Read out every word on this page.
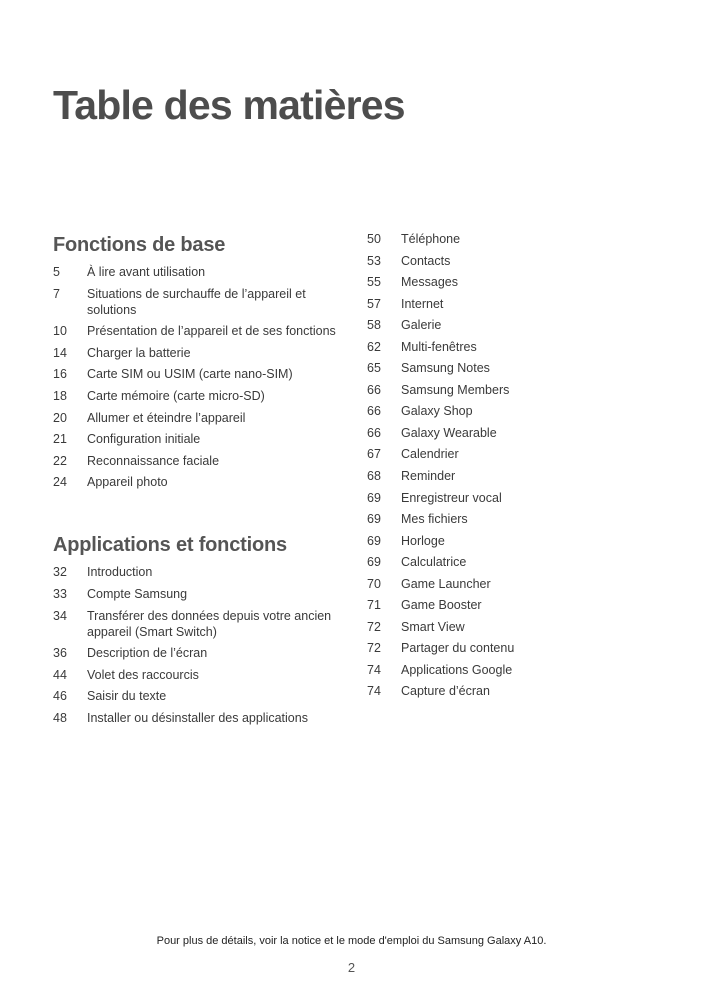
Table des matières
Fonctions de base
5	À lire avant utilisation
7	Situations de surchauffe de l’appareil et solutions
10	Présentation de l’appareil et de ses fonctions
14	Charger la batterie
16	Carte SIM ou USIM (carte nano-SIM)
18	Carte mémoire (carte micro-SD)
20	Allumer et éteindre l’appareil
21	Configuration initiale
22	Reconnaissance faciale
24	Appareil photo
Applications et fonctions
32	Introduction
33	Compte Samsung
34	Transférer des données depuis votre ancien appareil (Smart Switch)
36	Description de l’écran
44	Volet des raccourcis
46	Saisir du texte
48	Installer ou désinstaller des applications
50	Téléphone
53	Contacts
55	Messages
57	Internet
58	Galerie
62	Multi-fenêtres
65	Samsung Notes
66	Samsung Members
66	Galaxy Shop
66	Galaxy Wearable
67	Calendrier
68	Reminder
69	Enregistreur vocal
69	Mes fichiers
69	Horloge
69	Calculatrice
70	Game Launcher
71	Game Booster
72	Smart View
72	Partager du contenu
74	Applications Google
74	Capture d’écran
Pour plus de détails, voir la notice et le mode d'emploi du Samsung Galaxy A10.
2
